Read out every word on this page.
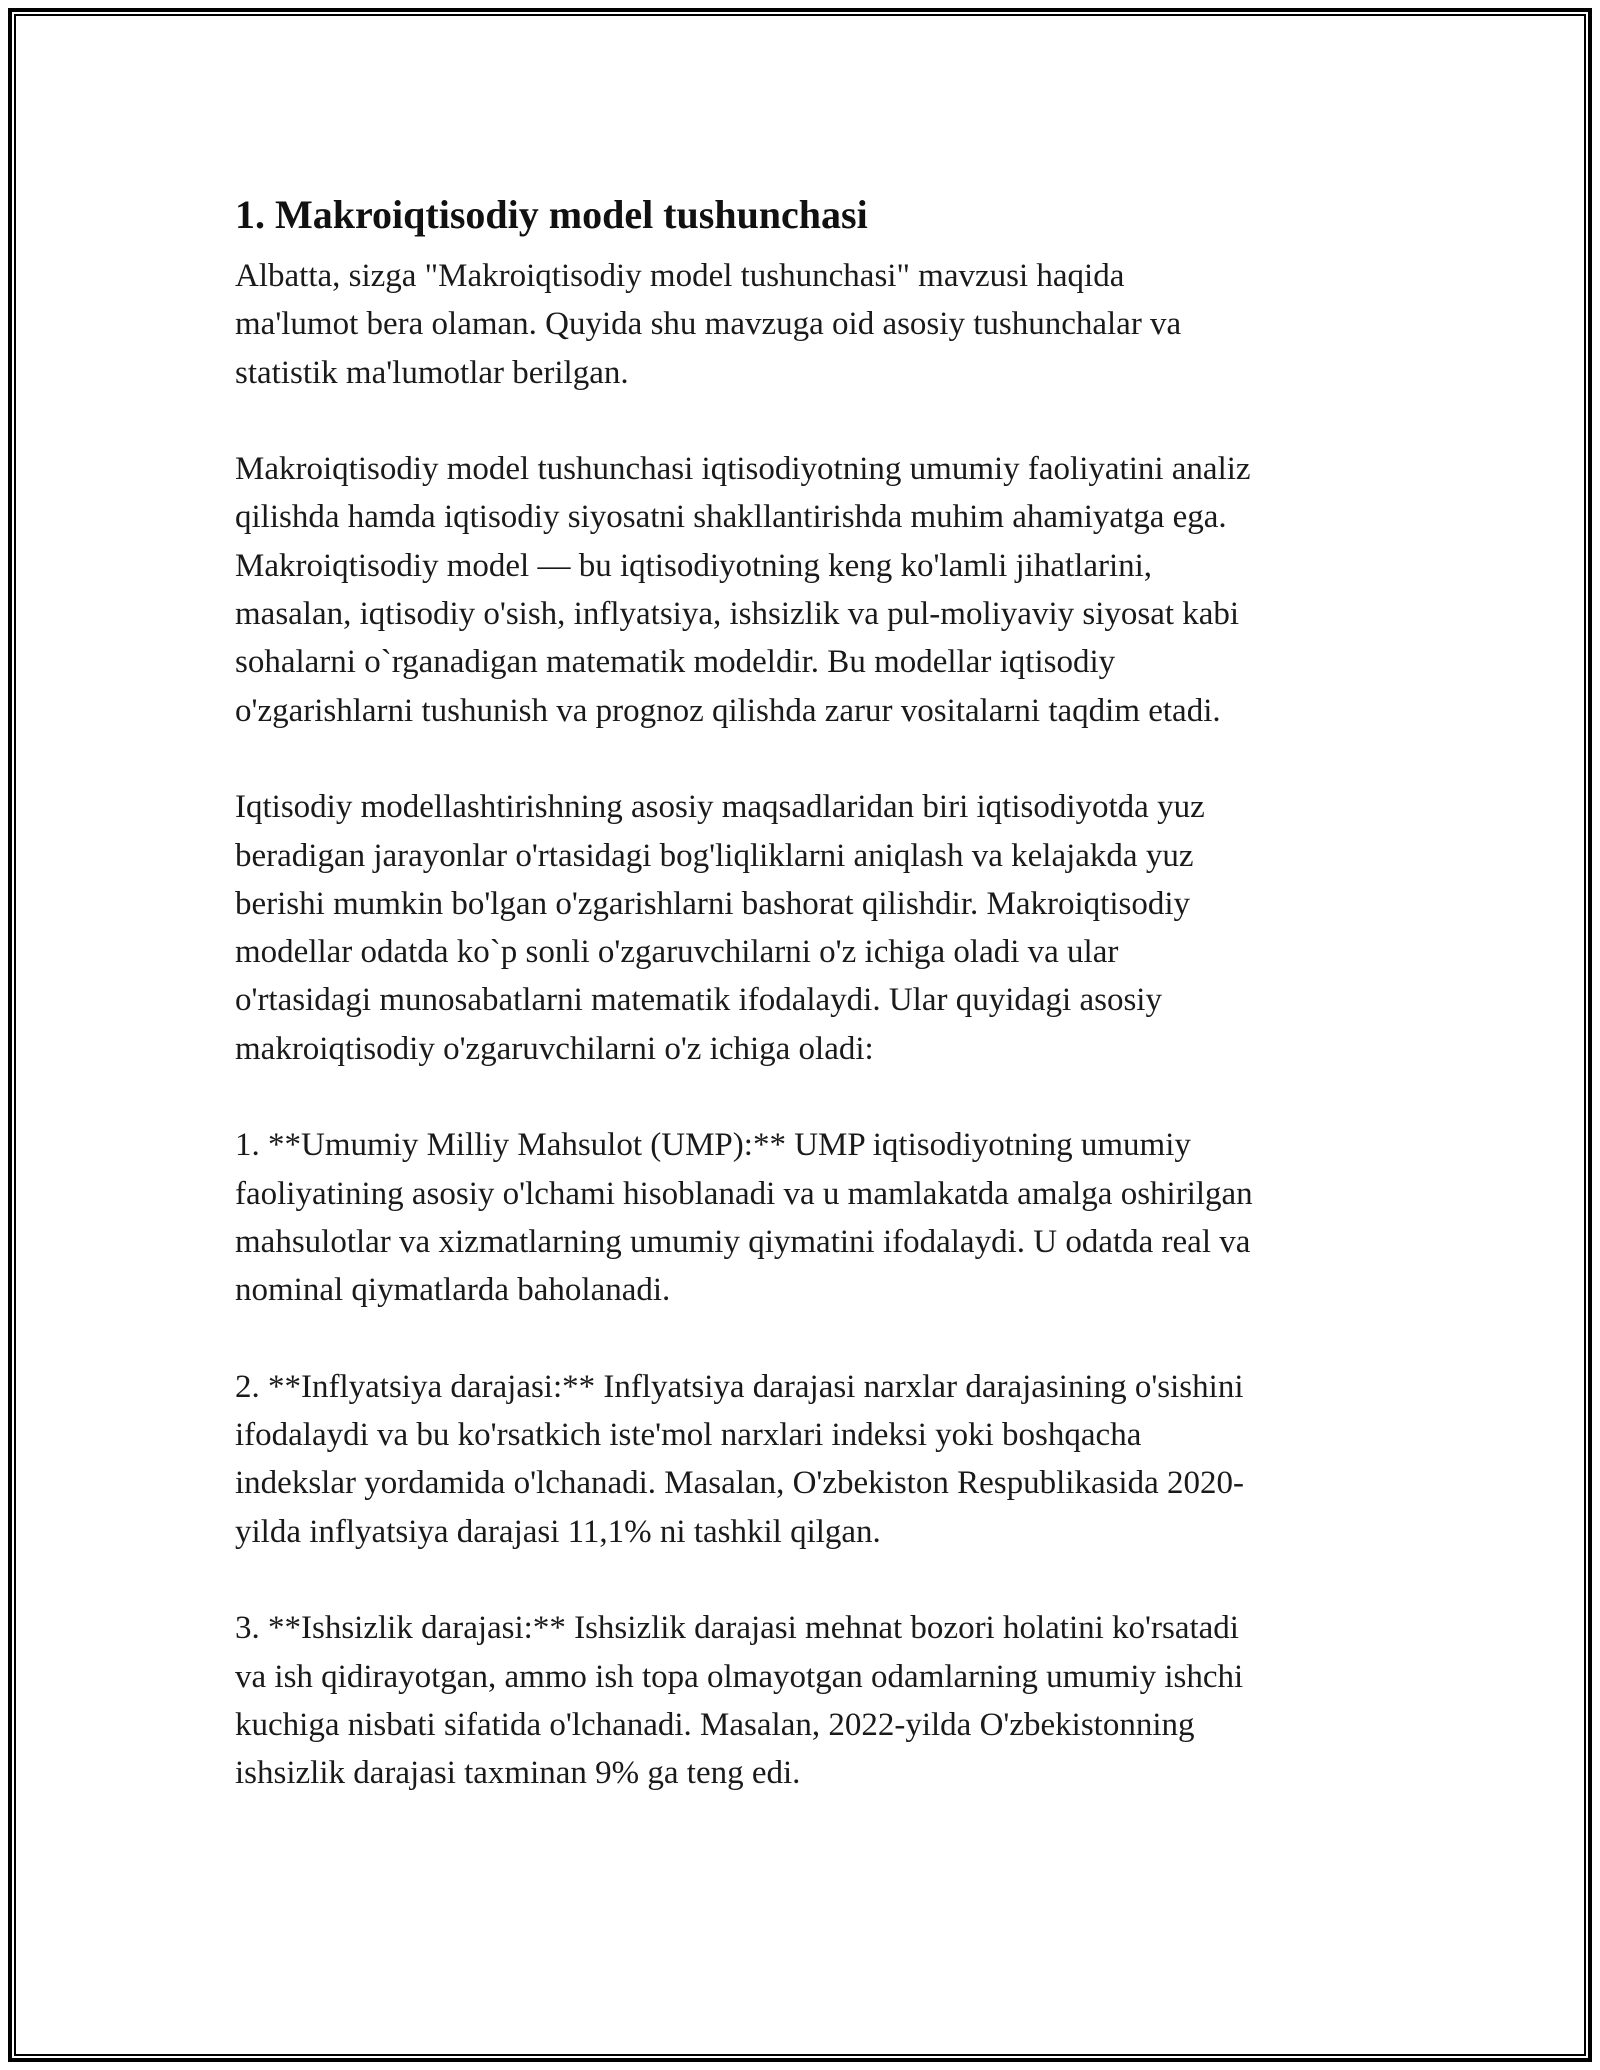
1. Makroiqtisodiy model tushunchasi

Albatta, sizga "Makroiqtisodiy model tushunchasi" mavzusi haqida
ma'lumot bera olaman. Quyida shu mavzuga oid asosiy tushunchalar va
statistik ma'lumotlar berilgan.

Makroiqtisodiy model tushunchasi iqtisodiyotning umumiy faoliyatini analiz
qilishda hamda iqtisodiy siyosatni shakllantirishda muhim ahamiyatga ega.
Makroiqtisodiy model — bu iqtisodiyotning keng ko'lamli jihatlarini,
masalan, iqtisodiy o'sish, inflyatsiya, ishsizlik va pul-moliyaviy siyosat kabi
sohalarni o`rganadigan matematik modeldir. Bu modellar iqtisodiy
o'zgarishlarni tushunish va prognoz qilishda zarur vositalarni taqdim etadi.

Iqtisodiy modellashtirishning asosiy maqsadlaridan biri iqtisodiyotda yuz
beradigan jarayonlar o'rtasidagi bog'liqliklarni aniqlash va kelajakda yuz
berishi mumkin bo'lgan o'zgarishlarni bashorat qilishdir. Makroiqtisodiy
modellar odatda ko`p sonli o'zgaruvchilarni o'z ichiga oladi va ular
o'rtasidagi munosabatlarni matematik ifodalaydi. Ular quyidagi asosiy
makroiqtisodiy o'zgaruvchilarni o'z ichiga oladi:

1. **Umumiy Milliy Mahsulot (UMP):** UMP iqtisodiyotning umumiy
faoliyatining asosiy o'lchami hisoblanadi va u mamlakatda amalga oshirilgan
mahsulotlar va xizmatlarning umumiy qiymatini ifodalaydi. U odatda real va
nominal qiymatlarda baholanadi.

2. **Inflyatsiya darajasi:** Inflyatsiya darajasi narxlar darajasining o'sishini
ifodalaydi va bu ko'rsatkich iste'mol narxlari indeksi yoki boshqacha
indekslar yordamida o'lchanadi. Masalan, O'zbekiston Respublikasida 2020-
yilda inflyatsiya darajasi 11,1% ni tashkil qilgan.

3. **Ishsizlik darajasi:** Ishsizlik darajasi mehnat bozori holatini ko'rsatadi
va ish qidirayotgan, ammo ish topa olmayotgan odamlarning umumiy ishchi
kuchiga nisbati sifatida o'lchanadi. Masalan, 2022-yilda O'zbekistonning
ishsizlik darajasi taxminan 9% ga teng edi.
